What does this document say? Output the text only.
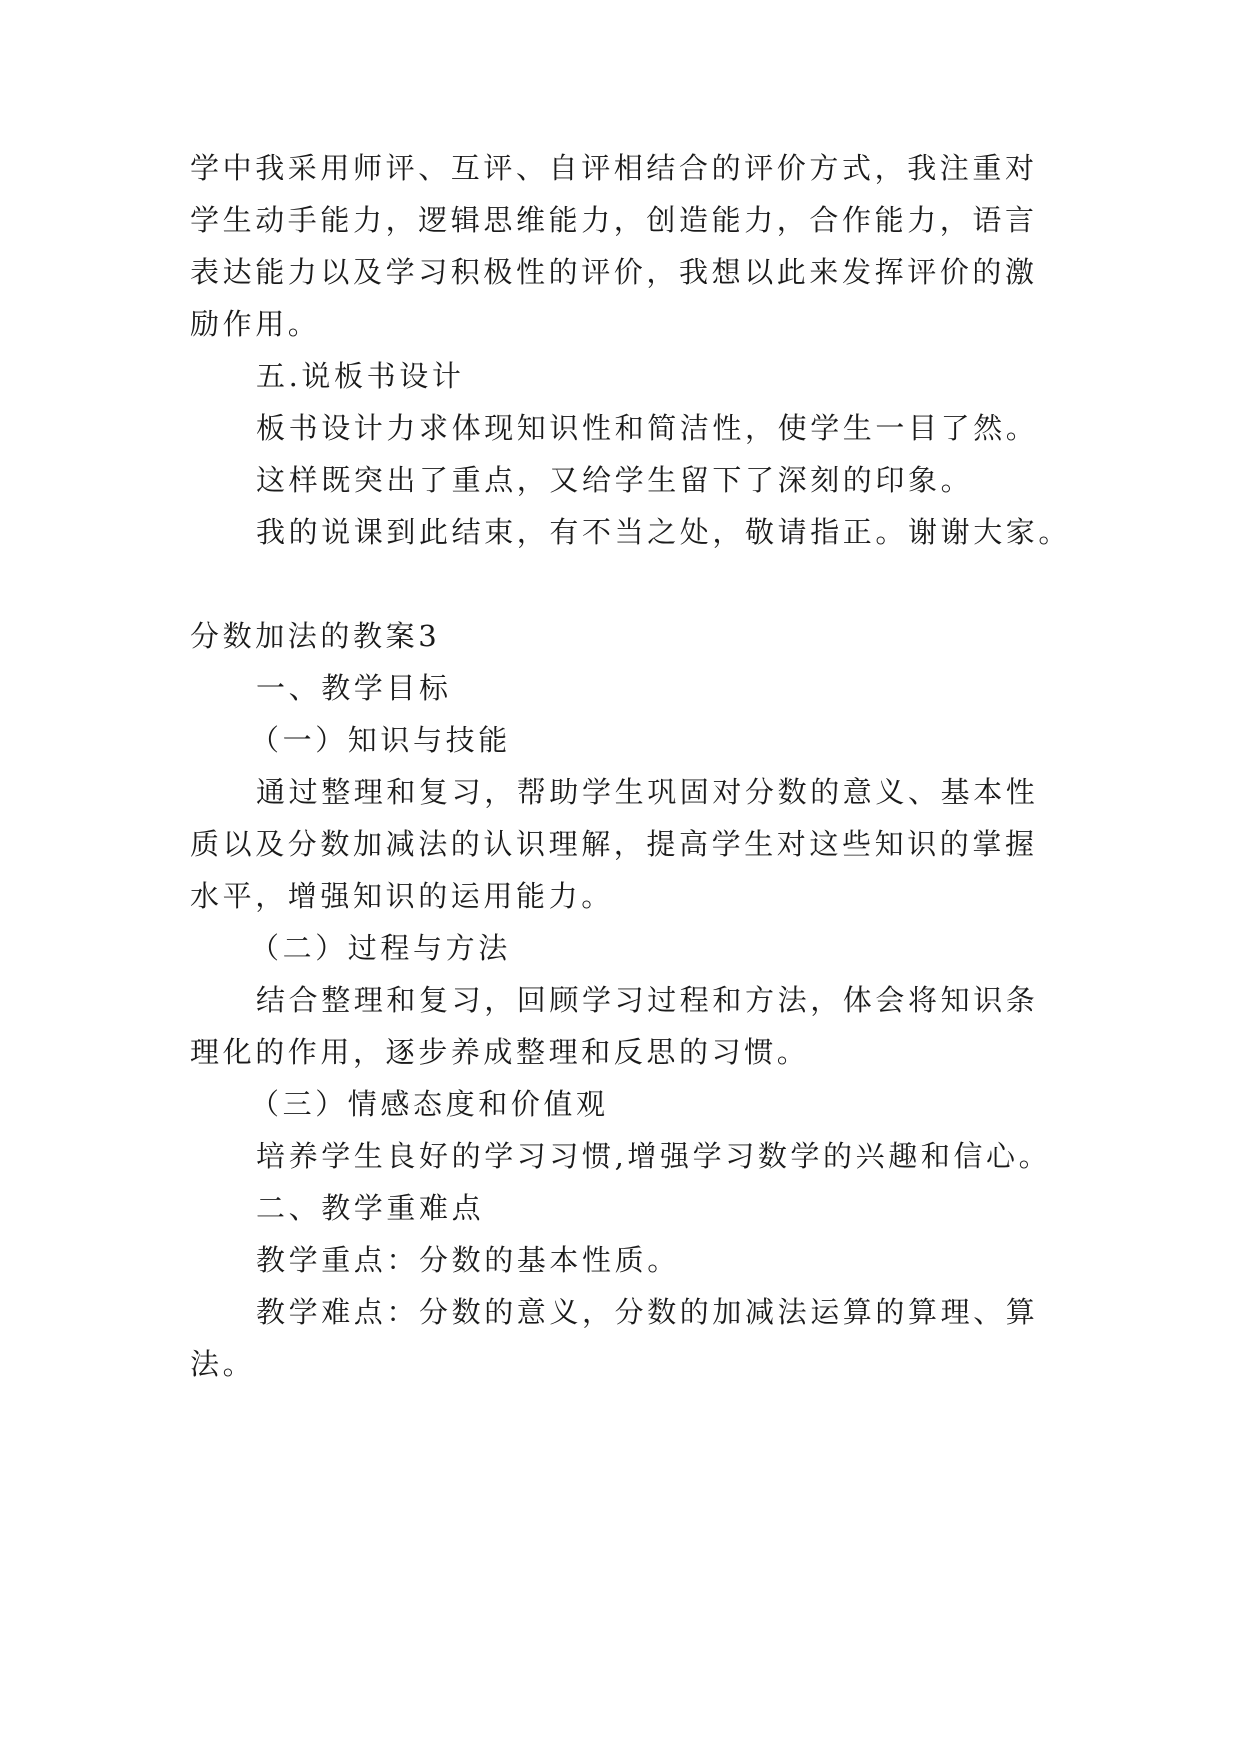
学中我采用师评、互评、自评相结合的评价方式，我注重对
学生动手能力，逻辑思维能力，创造能力，合作能力，语言
表达能力以及学习积极性的评价，我想以此来发挥评价的激
励作用。
五.说板书设计
板书设计力求体现知识性和简洁性，使学生一目了然。
这样既突出了重点，又给学生留下了深刻的印象。
我的说课到此结束，有不当之处，敬请指正。谢谢大家。
分数加法的教案3
一、教学目标
（一）知识与技能
通过整理和复习，帮助学生巩固对分数的意义、基本性
质以及分数加减法的认识理解，提高学生对这些知识的掌握
水平，增强知识的运用能力。
（二）过程与方法
结合整理和复习，回顾学习过程和方法，体会将知识条
理化的作用，逐步养成整理和反思的习惯。
（三）情感态度和价值观
培养学生良好的学习习惯,增强学习数学的兴趣和信心。
二、教学重难点
教学重点：分数的基本性质。
教学难点：分数的意义，分数的加减法运算的算理、算
法。
